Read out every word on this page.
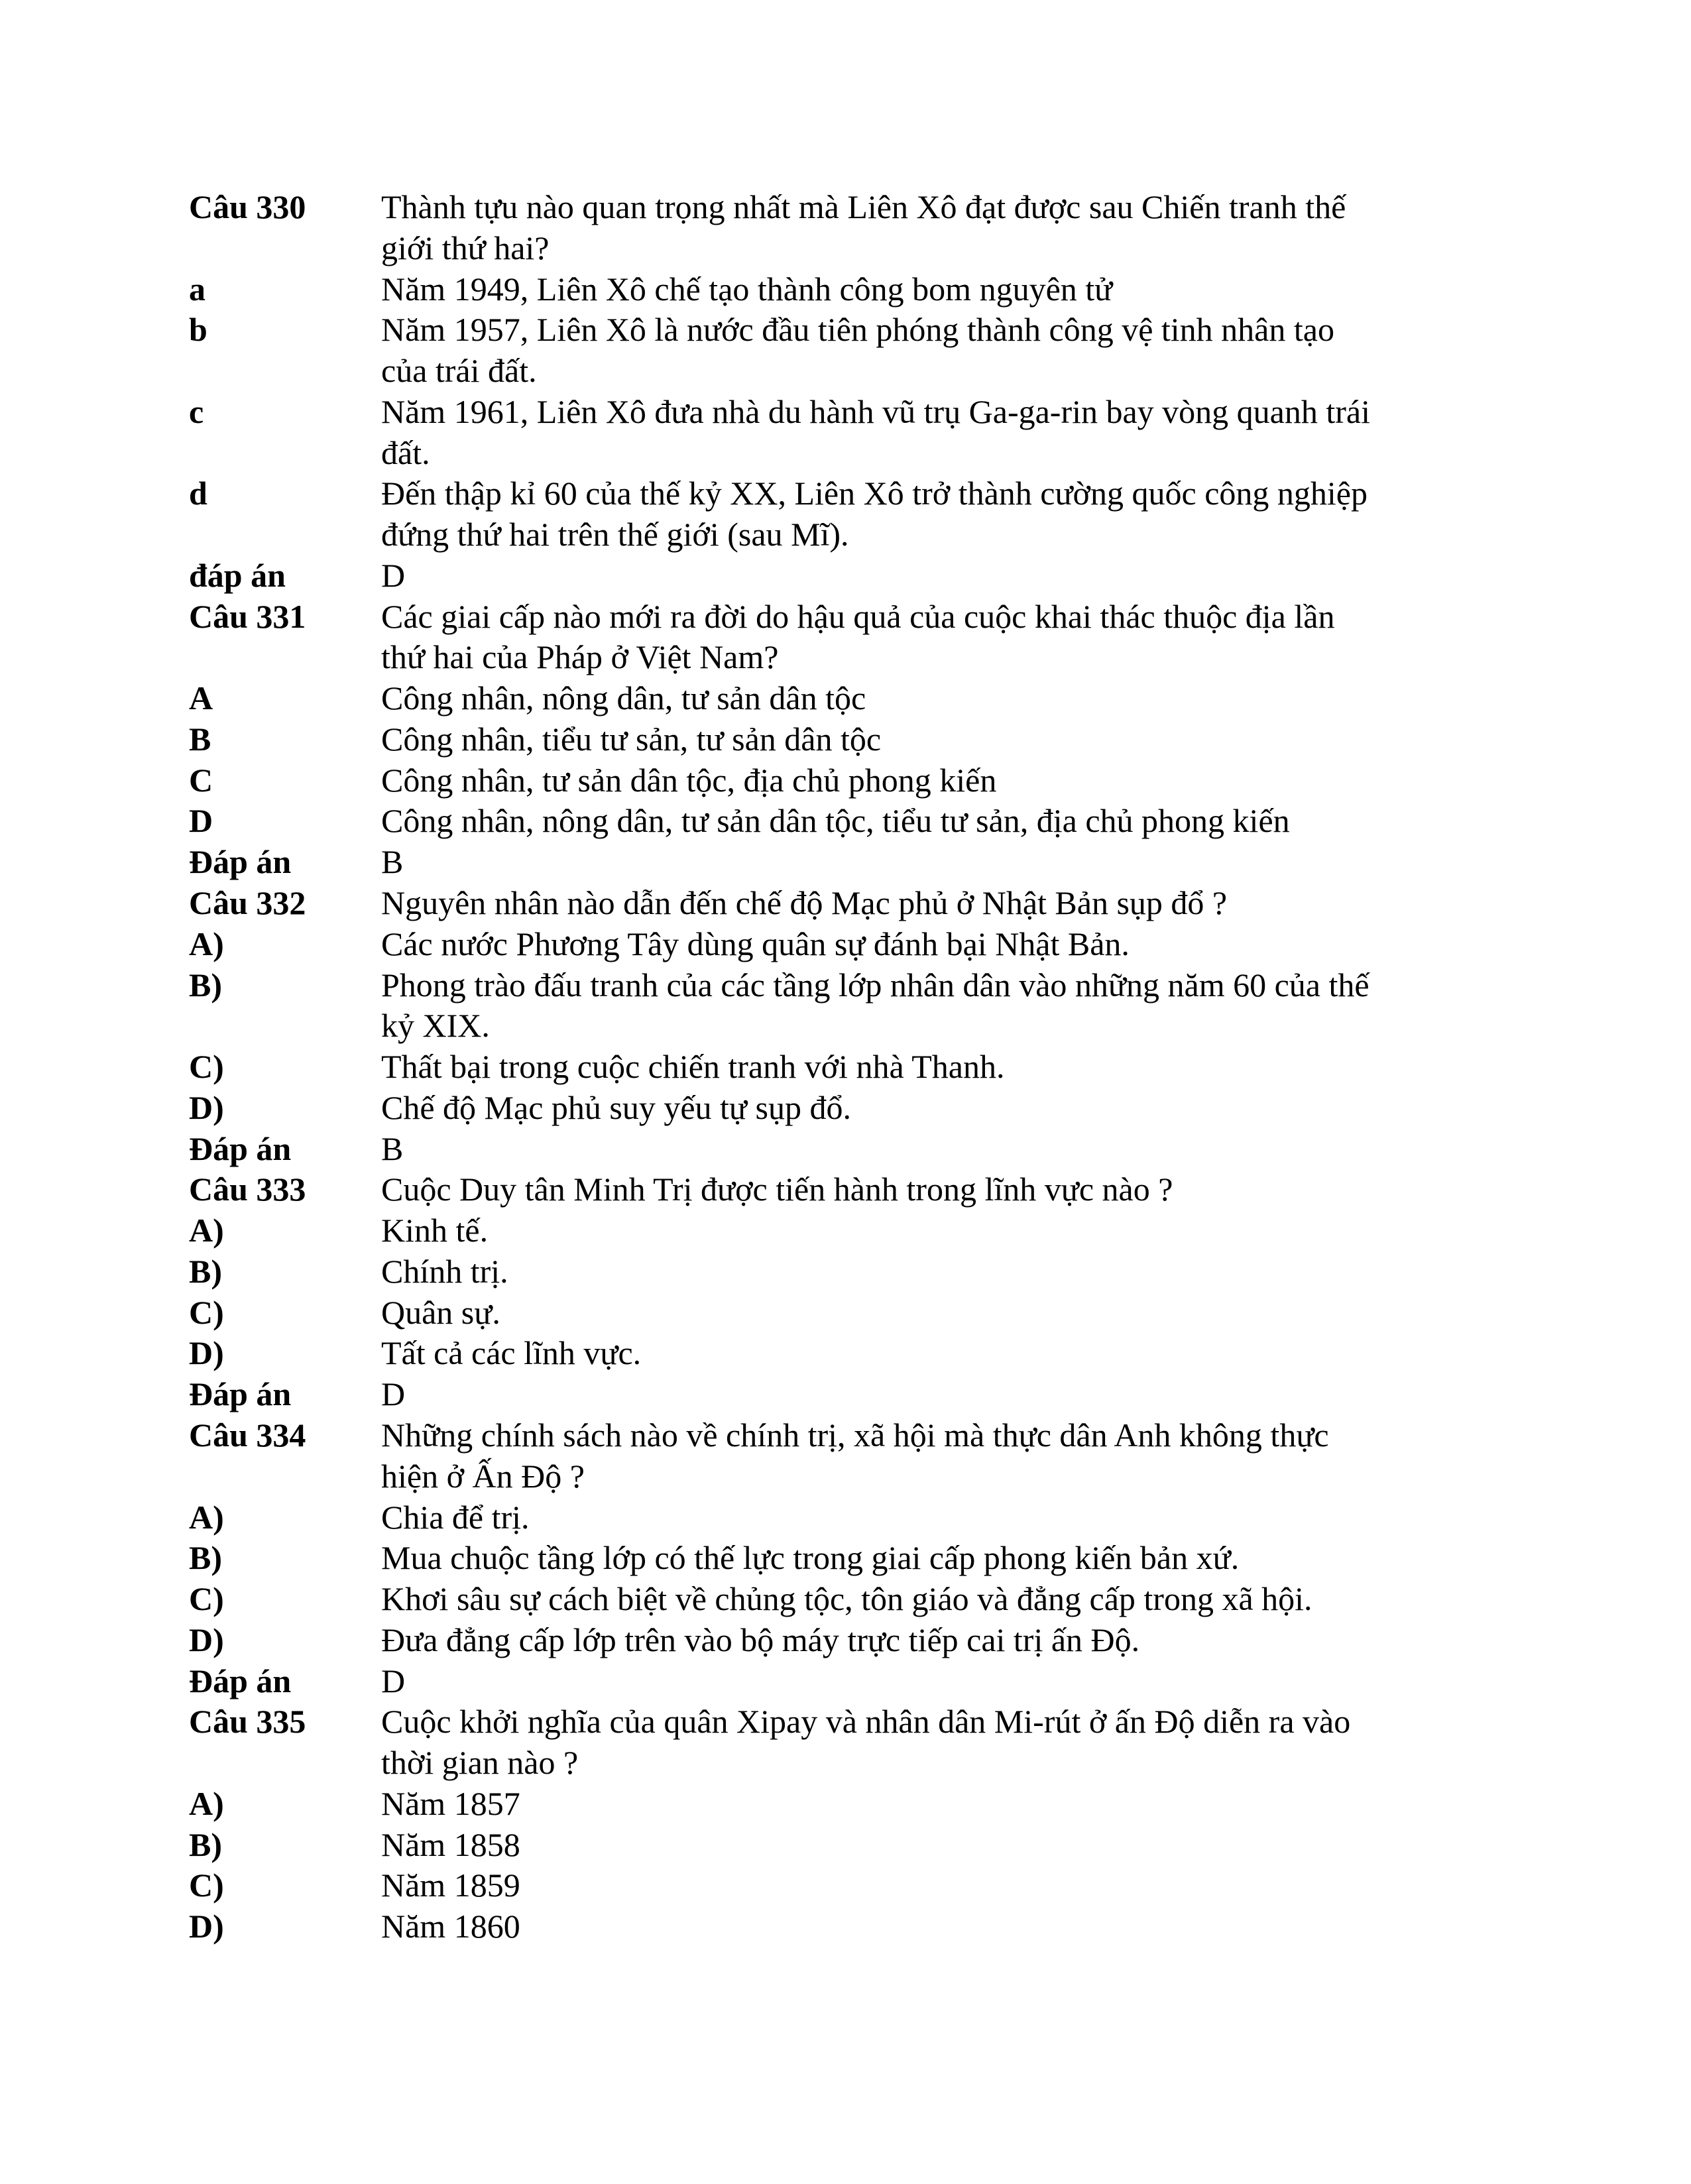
Câu 330	Thành tựu nào quan trọng nhất mà Liên Xô đạt được sau Chiến tranh thế
giới thứ hai?
a	Năm 1949, Liên Xô chế tạo thành công bom nguyên tử
b	Năm 1957, Liên Xô là nước đầu tiên phóng thành công vệ tinh nhân tạo
của trái đất.
c	Năm 1961, Liên Xô đưa nhà du hành vũ trụ Ga-ga-rin bay vòng quanh trái
đất.
d	Đến thập kỉ 60 của thế kỷ XX, Liên Xô trở thành cường quốc công nghiệp
đứng thứ hai trên thế giới (sau Mĩ).
đáp án	D
Câu 331	Các giai cấp nào mới ra đời do hậu quả của cuộc khai thác thuộc địa lần
thứ hai của Pháp ở Việt Nam?
A	Công nhân, nông dân, tư sản dân tộc
B	Công nhân, tiểu tư sản, tư sản dân tộc
C	Công nhân, tư sản dân tộc, địa chủ phong kiến
D	Công nhân, nông dân, tư sản dân tộc, tiểu tư sản, địa chủ phong kiến
Đáp án	B
Câu 332	Nguyên nhân nào dẫn đến chế độ Mạc phủ ở Nhật Bản sụp đổ ?
A)	Các nước Phương Tây dùng quân sự đánh bại Nhật Bản.
B)	Phong trào đấu tranh của các tầng lớp nhân dân vào những năm 60 của thế
kỷ XIX.
C)	Thất bại trong cuộc chiến tranh với nhà Thanh.
D)	Chế độ Mạc phủ suy yếu tự sụp đổ.
Đáp án	B
Câu 333	Cuộc Duy tân Minh Trị được tiến hành trong lĩnh vực nào ?
A)	Kinh tế.
B)	Chính trị.
C)	Quân sự.
D)	Tất cả các lĩnh vực.
Đáp án	D
Câu 334	Những chính sách nào về chính trị, xã hội mà thực dân Anh không thực
hiện ở Ấn Độ ?
A)	Chia để trị.
B)	Mua chuộc tầng lớp có thế lực trong giai cấp phong kiến bản xứ.
C)	Khơi sâu sự cách biệt về chủng tộc, tôn giáo và đẳng cấp trong xã hội.
D)	Đưa đẳng cấp lớp trên vào bộ máy trực tiếp cai trị ấn Độ.
Đáp án	D
Câu 335	Cuộc khởi nghĩa của quân Xipay và nhân dân Mi-rút ở ấn Độ diễn ra vào
thời gian nào ?
A)	Năm 1857
B)	Năm 1858
C)	Năm 1859
D)	Năm 1860
